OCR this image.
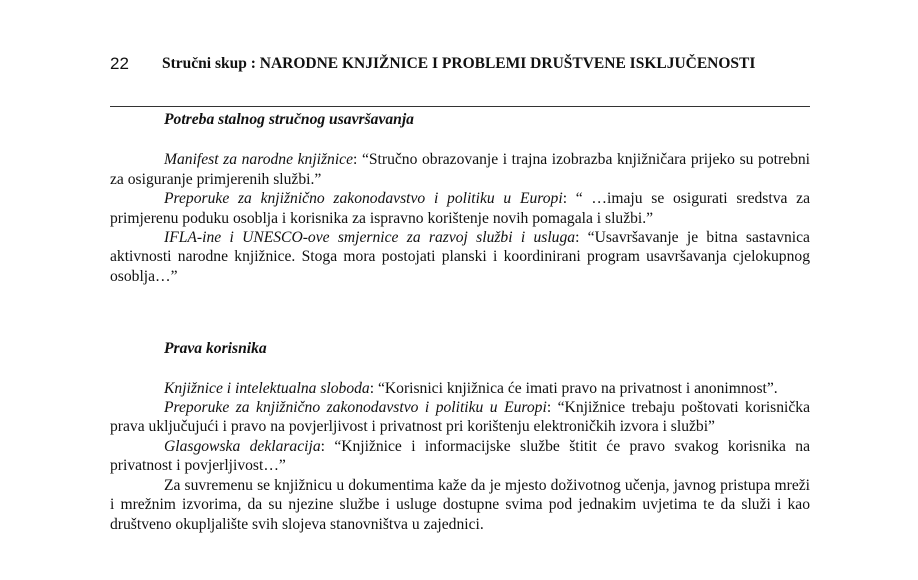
22 Stručni skup : NARODNE KNJIŽNICE I PROBLEMI DRUŠTVENE ISKLJUČENOSTI
Potreba stalnog stručnog usavršavanja

Manifest za narodne knjižnice: “Stručno obrazovanje i trajna izobrazba knjižničara prijeko su potrebni za osiguranje primjerenih službi.”

Preporuke za knjižnično zakonodavstvo i politiku u Europi: “ …imaju se osigurati sredstva za primjerenu poduku osoblja i korisnika za ispravno korištenje novih pomagala i službi.”

IFLA-ine i UNESCO-ove smjernice za razvoj službi i usluga: “Usavršavanje je bitna sastavnica aktivnosti narodne knjižnice. Stoga mora postojati planski i koordinirani program usavršavanja cjelokupnog osoblja…”

Prava korisnika

Knjižnice i intelektualna sloboda: “Korisnici knjižnica će imati pravo na privatnost i anonimnost”.

Preporuke za knjižnično zakonodavstvo i politiku u Europi: “Knjižnice trebaju poštovati korisnička prava uključujući i pravo na povjerljivost i privatnost pri korištenju elektroničkih izvora i službi”

Glasgowska deklaracija: “Knjižnice i informacijske službe štitit će pravo svakog korisnika na privatnost i povjerljivost…”

Za suvremenu se knjižnicu u dokumentima kaže da je mjesto doživotnog učenja, javnog pristupa mreži i mrežnim izvorima, da su njezine službe i usluge dostupne svima pod jednakim uvjetima te da služi i kao društveno okupljalište svih slojeva stanovništva u zajednici.
